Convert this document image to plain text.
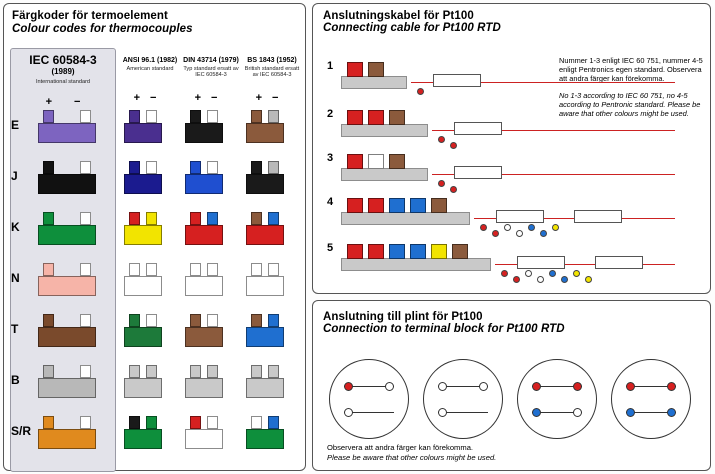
Färgkoder för termoelement
Colour codes for thermocouples
IEC 60584-3
(1989)
International standard
+−
ANSI 96.1 (1982)
American standard
+−
DIN 43714 (1979)
Typ standard ersatt av IEC 60584-3
+−
BS 1843 (1952)
British standard ersatt av IEC 60584-3
+−
E
J
K
N
T
B
S/R
Anslutningskabel för Pt100
Connecting cable for Pt100 RTD
Nummer 1-3 enligt IEC 60 751, nummer 4-5 enligt Pentronics egen standard. Observera att andra färger kan förekomma.
No 1-3 according to IEC 60 751, no 4-5 according to Pentronic standard. Please be aware that other colours might be used.
1
2
3
4
5
Anslutning till plint för Pt100
Connection to terminal block for Pt100 RTD
Observera att andra färger kan förekomma.
Please be aware that other colours might be used.
